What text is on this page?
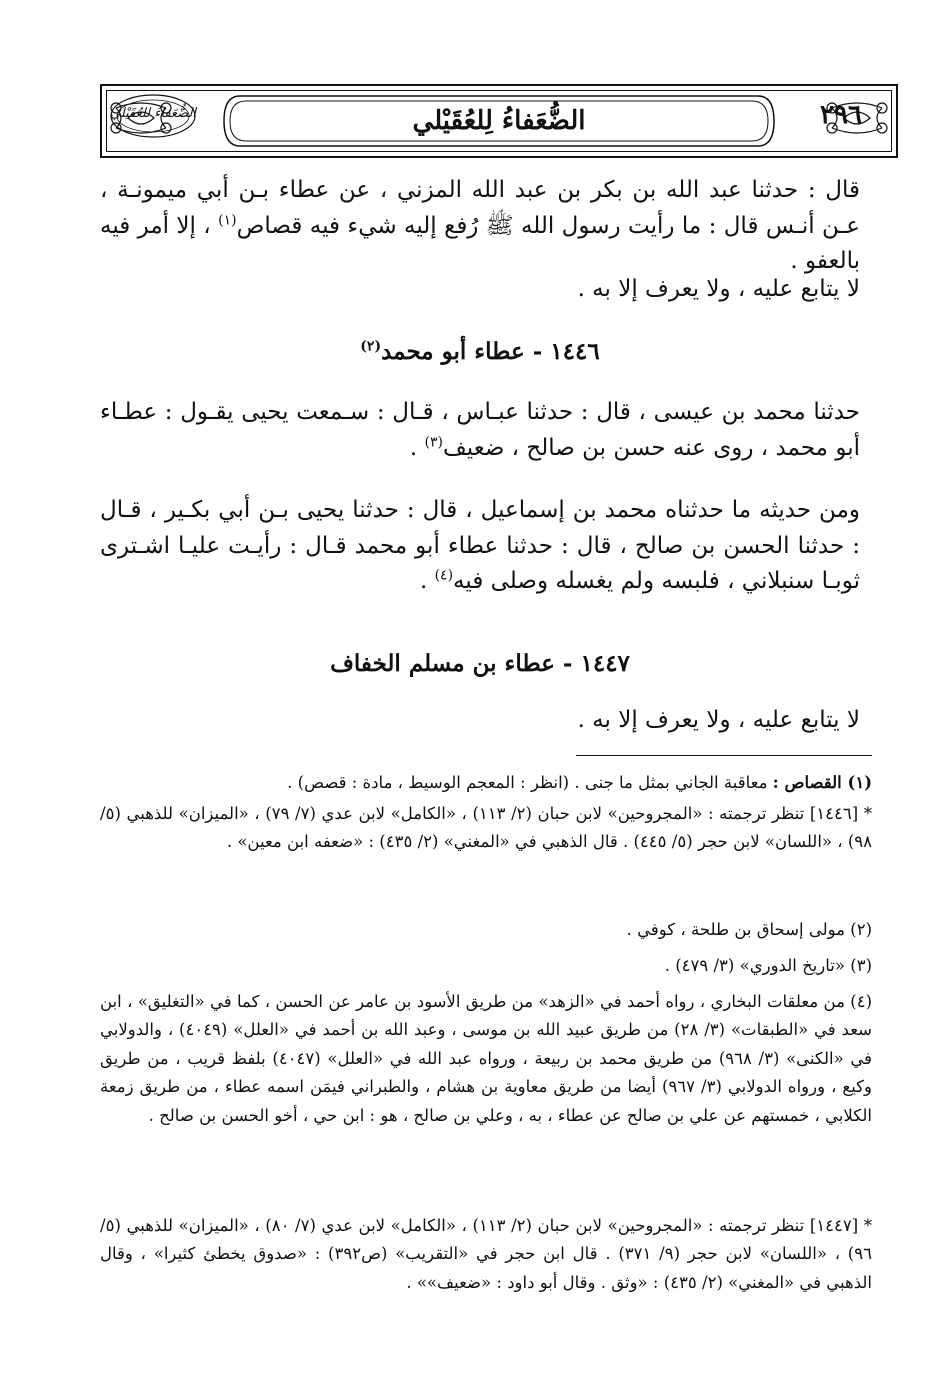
الضُّعَفاءُ لِلعُقَيْلي	٢٩٦
الضُّعَفاءُ للعُقَيْلي

قال : حدثنا عبد الله بن بكر بن عبد الله المزني ، عن عطاء بـن أبي ميمونـة ، عـن أنـس قال : ما رأيت رسول الله ﷺ رُفع إليه شيء فيه قصاص$^{(١)}$ ، إلا أمر فيه بالعفو .

لا يتابع عليه ، ولا يعرف إلا به .

١٤٤٦ - عطاء أبو محمد$^{(٢)}$

حدثنا محمد بن عيسى ، قال : حدثنا عبـاس ، قـال : سـمعت يحيى يقـول : عطـاء أبو محمد ، روى عنه حسن بن صالح ، ضعيف$^{(٣)}$ .

ومن حديثه ما حدثناه محمد بن إسماعيل ، قال : حدثنا يحيى بـن أبي بكـير ، قـال : حدثنا الحسن بن صالح ، قال : حدثنا عطاء أبو محمد قـال : رأيـت عليـا اشـترى ثوبـا سنبلاني ، فلبسه ولم يغسله وصلى فيه$^{(٤)}$ .

١٤٤٧ - عطاء بن مسلم الخفاف

لا يتابع عليه ، ولا يعرف إلا به .

(١) القصاص : معاقبة الجاني بمثل ما جنى . (انظر : المعجم الوسيط ، مادة : قصص) .

* [١٤٤٦] تنظر ترجمته : «المجروحين» لابن حبان (٢/ ١١٣) ، «الكامل» لابن عدي (٧/ ٧٩) ، «الميزان» للذهبي (٥/ ٩٨) ، «اللسان» لابن حجر (٥/ ٤٤٥) . قال الذهبي في «المغني» (٢/ ٤٣٥) : «ضعفه ابن معين» .

(٢) مولى إسحاق بن طلحة ، كوفي .

(٣) «تاريخ الدوري» (٣/ ٤٧٩) .

(٤) من معلقات البخاري ، رواه أحمد في «الزهد» من طريق الأسود بن عامر عن الحسن ، كما في «التغليق» ، ابن سعد في «الطبقات» (٣/ ٢٨) من طريق عبيد الله بن موسى ، وعبد الله بن أحمد في «العلل» (٤٠٤٩) ، والدولابي في «الكنى» (٣/ ٩٦٨) من طريق محمد بن ربيعة ، ورواه عبد الله في «العلل» (٤٠٤٧) بلفظ قريب ، من طريق وكيع ، ورواه الدولابي (٣/ ٩٦٧) أيضا من طريق معاوية بن هشام ، والطبراني فيمَن اسمه عطاء ، من طريق زمعة الكلابي ، خمستهم عن علي بن صالح عن عطاء ، به ، وعلي بن صالح ، هو : ابن حي ، أخو الحسن بن صالح .

* [١٤٤٧] تنظر ترجمته : «المجروحين» لابن حبان (٢/ ١١٣) ، «الكامل» لابن عدي (٧/ ٨٠) ، «الميزان» للذهبي (٥/ ٩٦) ، «اللسان» لابن حجر (٩/ ٣٧١) . قال ابن حجر في «التقريب» (ص٣٩٢) : «صدوق يخطئ كثيرا» ، وقال الذهبي في «المغني» (٢/ ٤٣٥) : «وثق . وقال أبو داود : «ضعيف»» .
